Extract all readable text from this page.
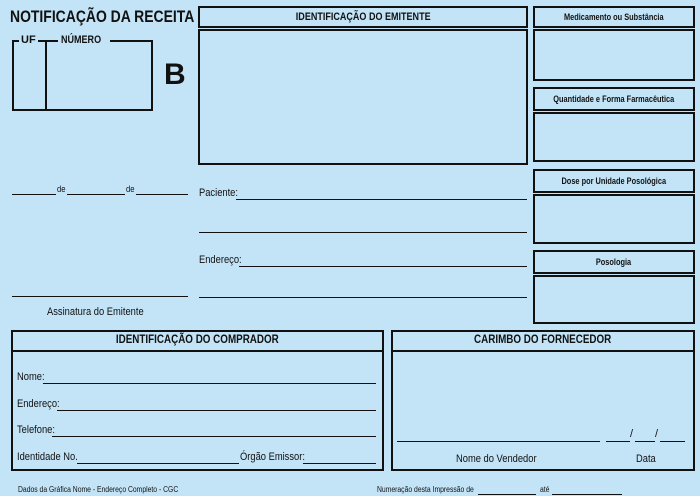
NOTIFICAÇÃO DA RECEITA
UF NÚMERO
B
de	de
Assinatura do Emitente
IDENTIFICAÇÃO DO EMITENTE
Paciente:
Endereço:
Medicamento ou Substância
Quantidade e Forma Farmacêutica
Dose por Unidade Posológica
Posologia
IDENTIFICAÇÃO DO COMPRADOR
Nome:
Endereço:
Telefone:
Identidade No.	Órgão Emissor:
CARIMBO DO FORNECEDOR
Nome do Vendedor
/ /
Data
Dados da Gráfica Nome - Endereço Completo - CGC	Numeração desta Impressão de	até
